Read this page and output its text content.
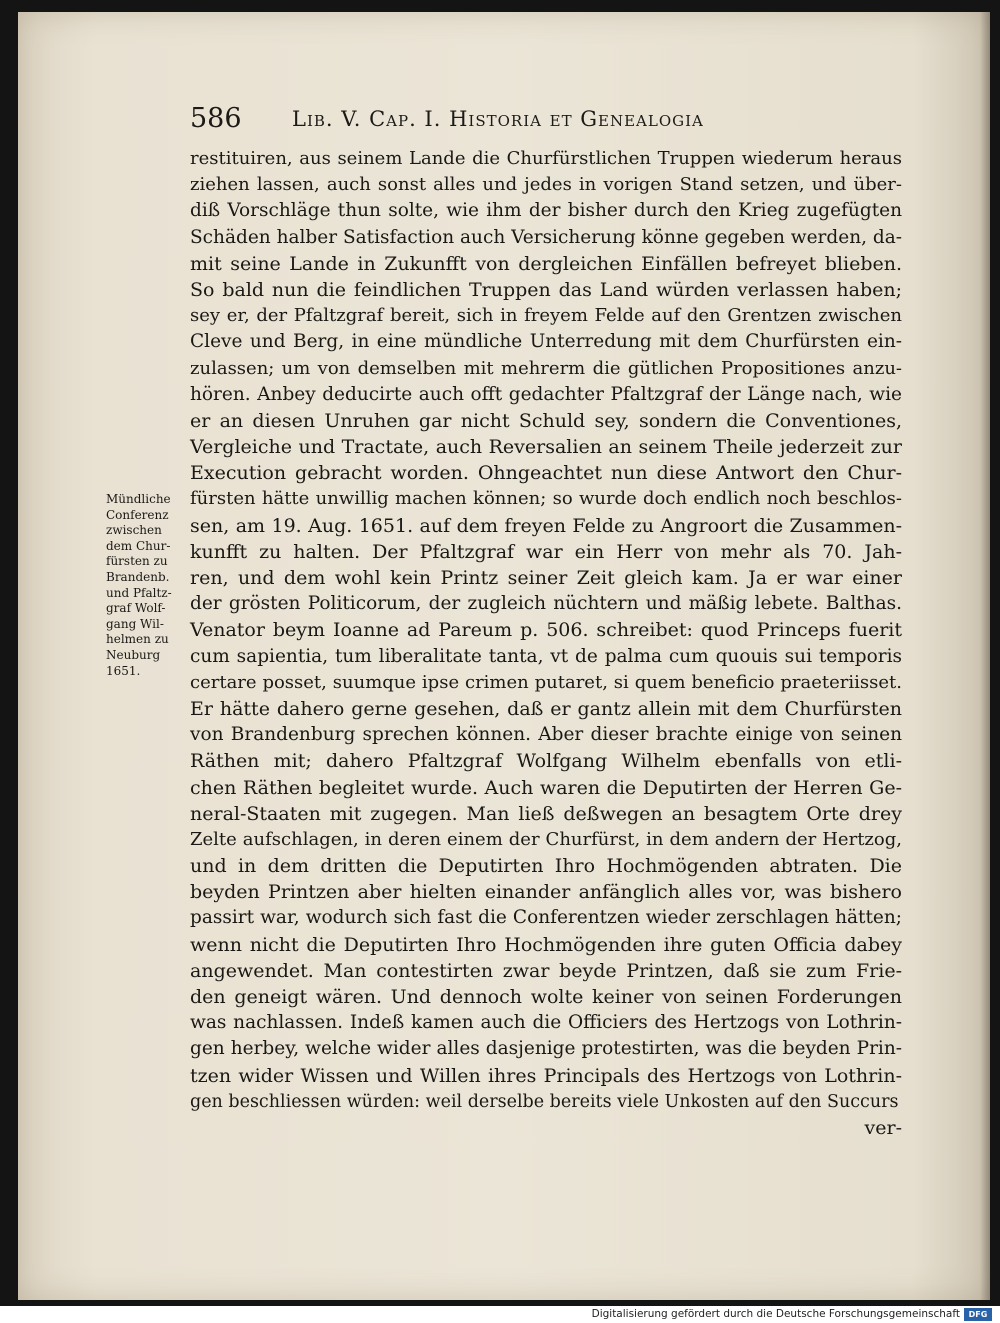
586 Lib. V. Cap. I. Historia et Genealogia
Mündliche
Conferenz
zwischen
dem Chur-
fürsten zu
Brandenb.
und Pfaltz-
graf Wolf-
gang Wil-
helmen zu
Neuburg
1651.
restituiren, aus seinem Lande die Churfürstlichen Truppen wiederum heraus
ziehen lassen, auch sonst alles und jedes in vorigen Stand setzen, und über-
diß Vorschläge thun solte, wie ihm der bisher durch den Krieg zugefügten
Schäden halber Satisfaction auch Versicherung könne gegeben werden, da-
mit seine Lande in Zukunfft von dergleichen Einfällen befreyet blieben.
So bald nun die feindlichen Truppen das Land würden verlassen haben;
sey er, der Pfaltzgraf bereit, sich in freyem Felde auf den Grentzen zwischen
Cleve und Berg, in eine mündliche Unterredung mit dem Churfürsten ein-
zulassen; um von demselben mit mehrerm die gütlichen Propositiones anzu-
hören. Anbey deducirte auch offt gedachter Pfaltzgraf der Länge nach, wie
er an diesen Unruhen gar nicht Schuld sey, sondern die Conventiones,
Vergleiche und Tractate, auch Reversalien an seinem Theile jederzeit zur
Execution gebracht worden. Ohngeachtet nun diese Antwort den Chur-
fürsten hätte unwillig machen können; so wurde doch endlich noch beschlos-
sen, am 19. Aug. 1651. auf dem freyen Felde zu Angroort die Zusammen-
kunfft zu halten. Der Pfaltzgraf war ein Herr von mehr als 70. Jah-
ren, und dem wohl kein Printz seiner Zeit gleich kam. Ja er war einer
der grösten Politicorum, der zugleich nüchtern und mäßig lebete. Balthas.
Venator beym Ioanne ad Pareum p. 506. schreibet: quod Princeps fuerit
cum sapientia, tum liberalitate tanta, vt de palma cum quouis sui temporis
certare posset, suumque ipse crimen putaret, si quem beneficio praeteriisset.
Er hätte dahero gerne gesehen, daß er gantz allein mit dem Churfürsten
von Brandenburg sprechen können. Aber dieser brachte einige von seinen
Räthen mit; dahero Pfaltzgraf Wolfgang Wilhelm ebenfalls von etli-
chen Räthen begleitet wurde. Auch waren die Deputirten der Herren Ge-
neral-Staaten mit zugegen. Man ließ deßwegen an besagtem Orte drey
Zelte aufschlagen, in deren einem der Churfürst, in dem andern der Hertzog,
und in dem dritten die Deputirten Ihro Hochmögenden abtraten. Die
beyden Printzen aber hielten einander anfänglich alles vor, was bishero
passirt war, wodurch sich fast die Conferentzen wieder zerschlagen hätten;
wenn nicht die Deputirten Ihro Hochmögenden ihre guten Officia dabey
angewendet. Man contestirten zwar beyde Printzen, daß sie zum Frie-
den geneigt wären. Und dennoch wolte keiner von seinen Forderungen
was nachlassen. Indeß kamen auch die Officiers des Hertzogs von Lothrin-
gen herbey, welche wider alles dasjenige protestirten, was die beyden Prin-
tzen wider Wissen und Willen ihres Principals des Hertzogs von Lothrin-
gen beschliessen würden: weil derselbe bereits viele Unkosten auf den Succurs
ver-
Digitalisierung gefördert durch die Deutsche Forschungsgemeinschaft	DFG
